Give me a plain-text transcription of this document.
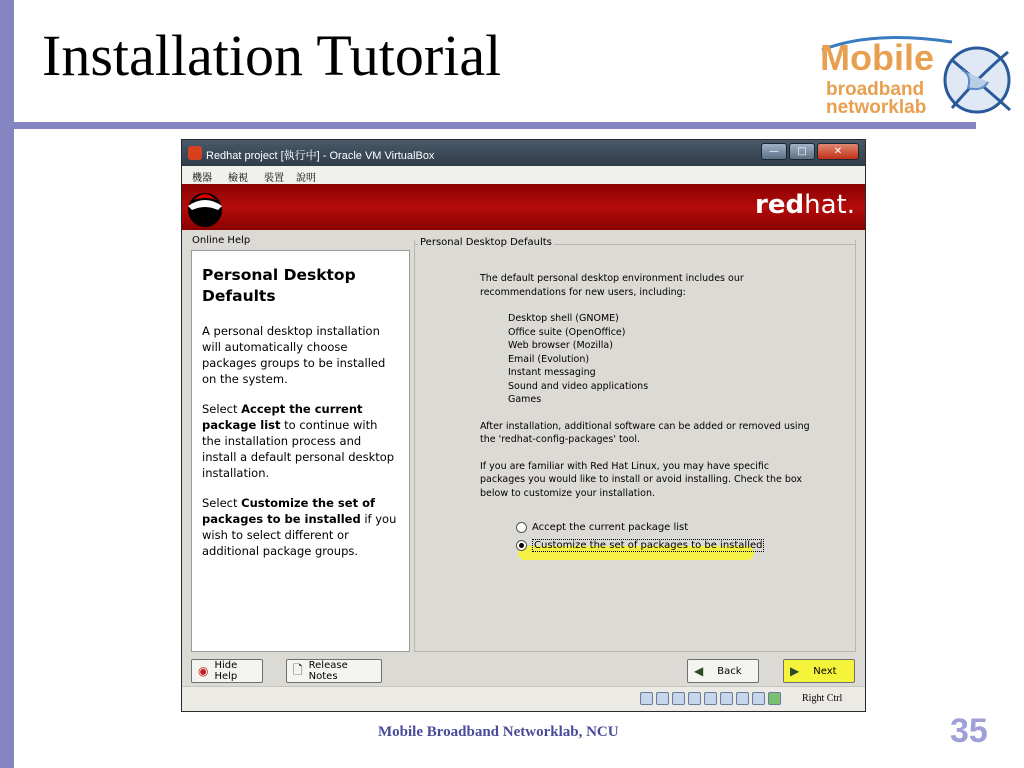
Installation Tutorial	Mobile
broadband
networklab
Redhat project [執行中] - Oracle VM VirtualBox	—	□	✕
機器 檢視 裝置 說明
redhat.
Online Help
Personal Desktop Defaults
A personal desktop installation will automatically choose packages groups to be installed on the system.
Select Accept the current package list to continue with the installation process and install a default personal desktop installation.
Select Customize the set of packages to be installed if you wish to select different or additional package groups.
Personal Desktop Defaults
The default personal desktop environment includes our recommendations for new users, including:
Desktop shell (GNOME)
Office suite (OpenOffice)
Web browser (Mozilla)
Email (Evolution)
Instant messaging
Sound and video applications
Games
After installation, additional software can be added or removed using the 'redhat-config-packages' tool.
If you are familiar with Red Hat Linux, you may have specific packages you would like to install or avoid installing. Check the box below to customize your installation.
Accept the current package list
Customize the set of packages to be installed
◉ Hide Help	🗋 Release Notes	◀ Back	▶ Next
Right Ctrl
Mobile Broadband Networklab, NCU	35
